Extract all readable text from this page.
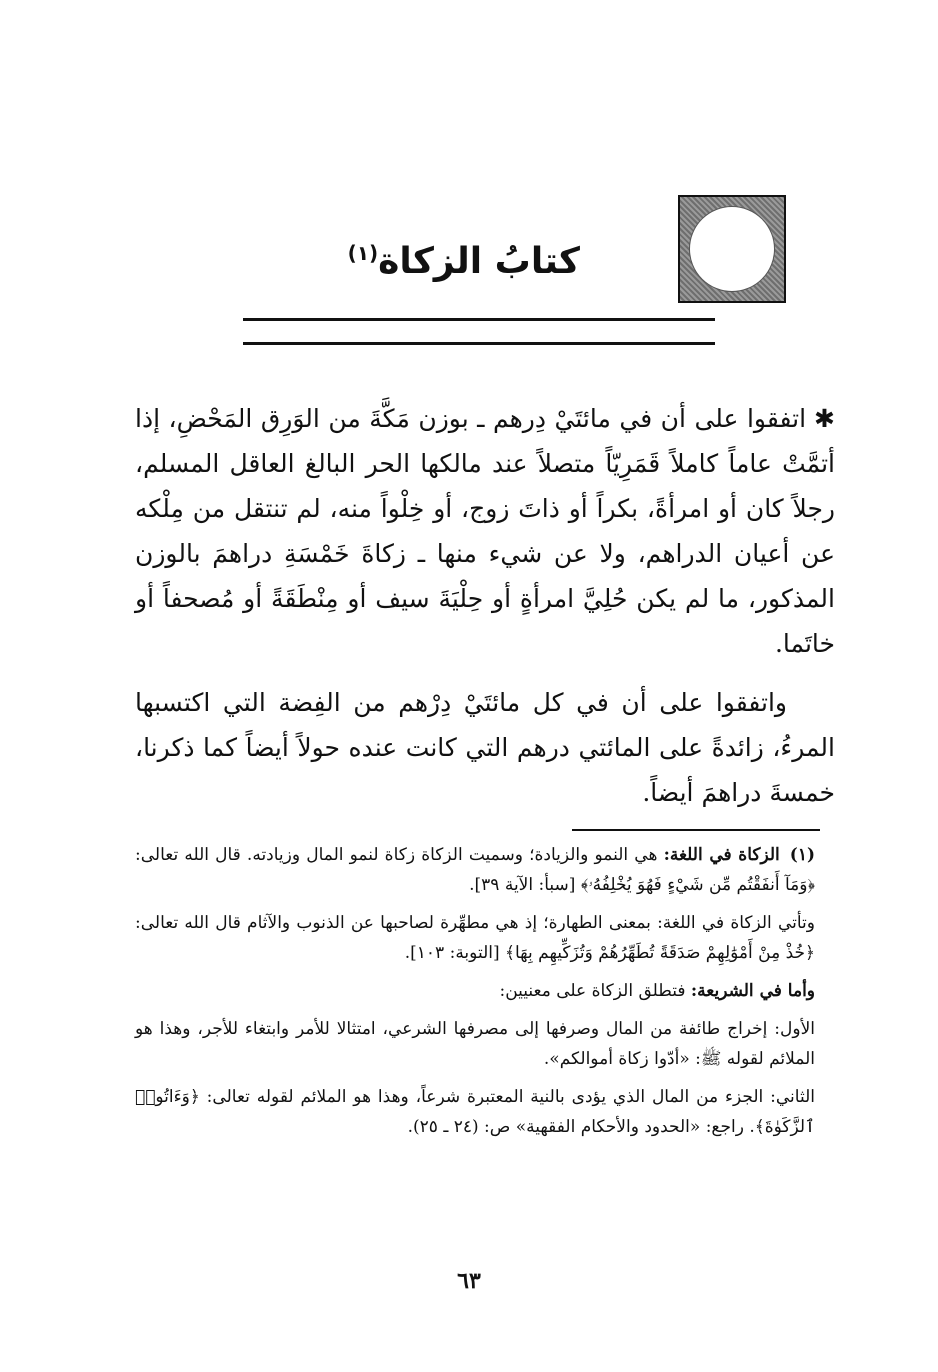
كتابُ الزكاة$^{(١)}$

✱اتفقوا على أن في مائتَيْ دِرهم ـ بوزن مَكَّةَ من الوَرِق المَحْضِ، إذا أتمَّتْ عاماً كاملاً قَمَرِيّاً متصلاً عند مالكها الحر البالغ العاقل المسلم، رجلاً كان أو امرأةً، بكراً أو ذاتَ زوج، أو خِلْواً منه، لم تنتقل من مِلْكه عن أعيان الدراهم، ولا عن شيء منها ـ زكاةَ خَمْسَةِ دراهمَ بالوزن المذكور، ما لم يكن حُلِيَّ امرأةٍ أو حِلْيَةَ سيف أو مِنْطَقَةً أو مُصحفاً أو خاتَما.

واتفقوا على أن في كل مائتَيْ دِرْهم من الفِضة التي اكتسبها المرءُ، زائدةً على المائتي درهم التي كانت عنده حولاً أيضاً كما ذكرنا، خمسةَ دراهمَ أيضاً.

(١)الزكاة في اللغة: هي النمو والزيادة؛ وسميت الزكاة زكاة لنمو المال وزيادته. قال الله تعالى: ﴿وَمَآ أَنفَقْتُم مِّن شَيْءٍ فَهُوَ يُخْلِفُهُۥ﴾ [سبأ: الآية ٣٩].

وتأتي الزكاة في اللغة: بمعنى الطهارة؛ إذ هي مطهِّرة لصاحبها عن الذنوب والآثام قال الله تعالى: ﴿خُذْ مِنْ أَمْوَٰلِهِمْ صَدَقَةً تُطَهِّرُهُمْ وَتُزَكِّيهِم بِهَا﴾ [التوبة: ١٠٣].

وأما في الشريعة: فتطلق الزكاة على معنيين:

الأول: إخراج طائفة من المال وصرفها إلى مصرفها الشرعي، امتثالا للأمر وابتغاء للأجر، وهذا هو الملائم لقوله ﷺ: «أدّوا زكاة أموالكم».

الثاني: الجزء من المال الذي يؤدى بالنية المعتبرة شرعاً، وهذا هو الملائم لقوله تعالى: ﴿وَءَاتُوا۟ ٱلزَّكَوٰةَ﴾. راجع: «الحدود والأحكام الفقهية» ص: (٢٤ ـ ٢٥).

٦٣
